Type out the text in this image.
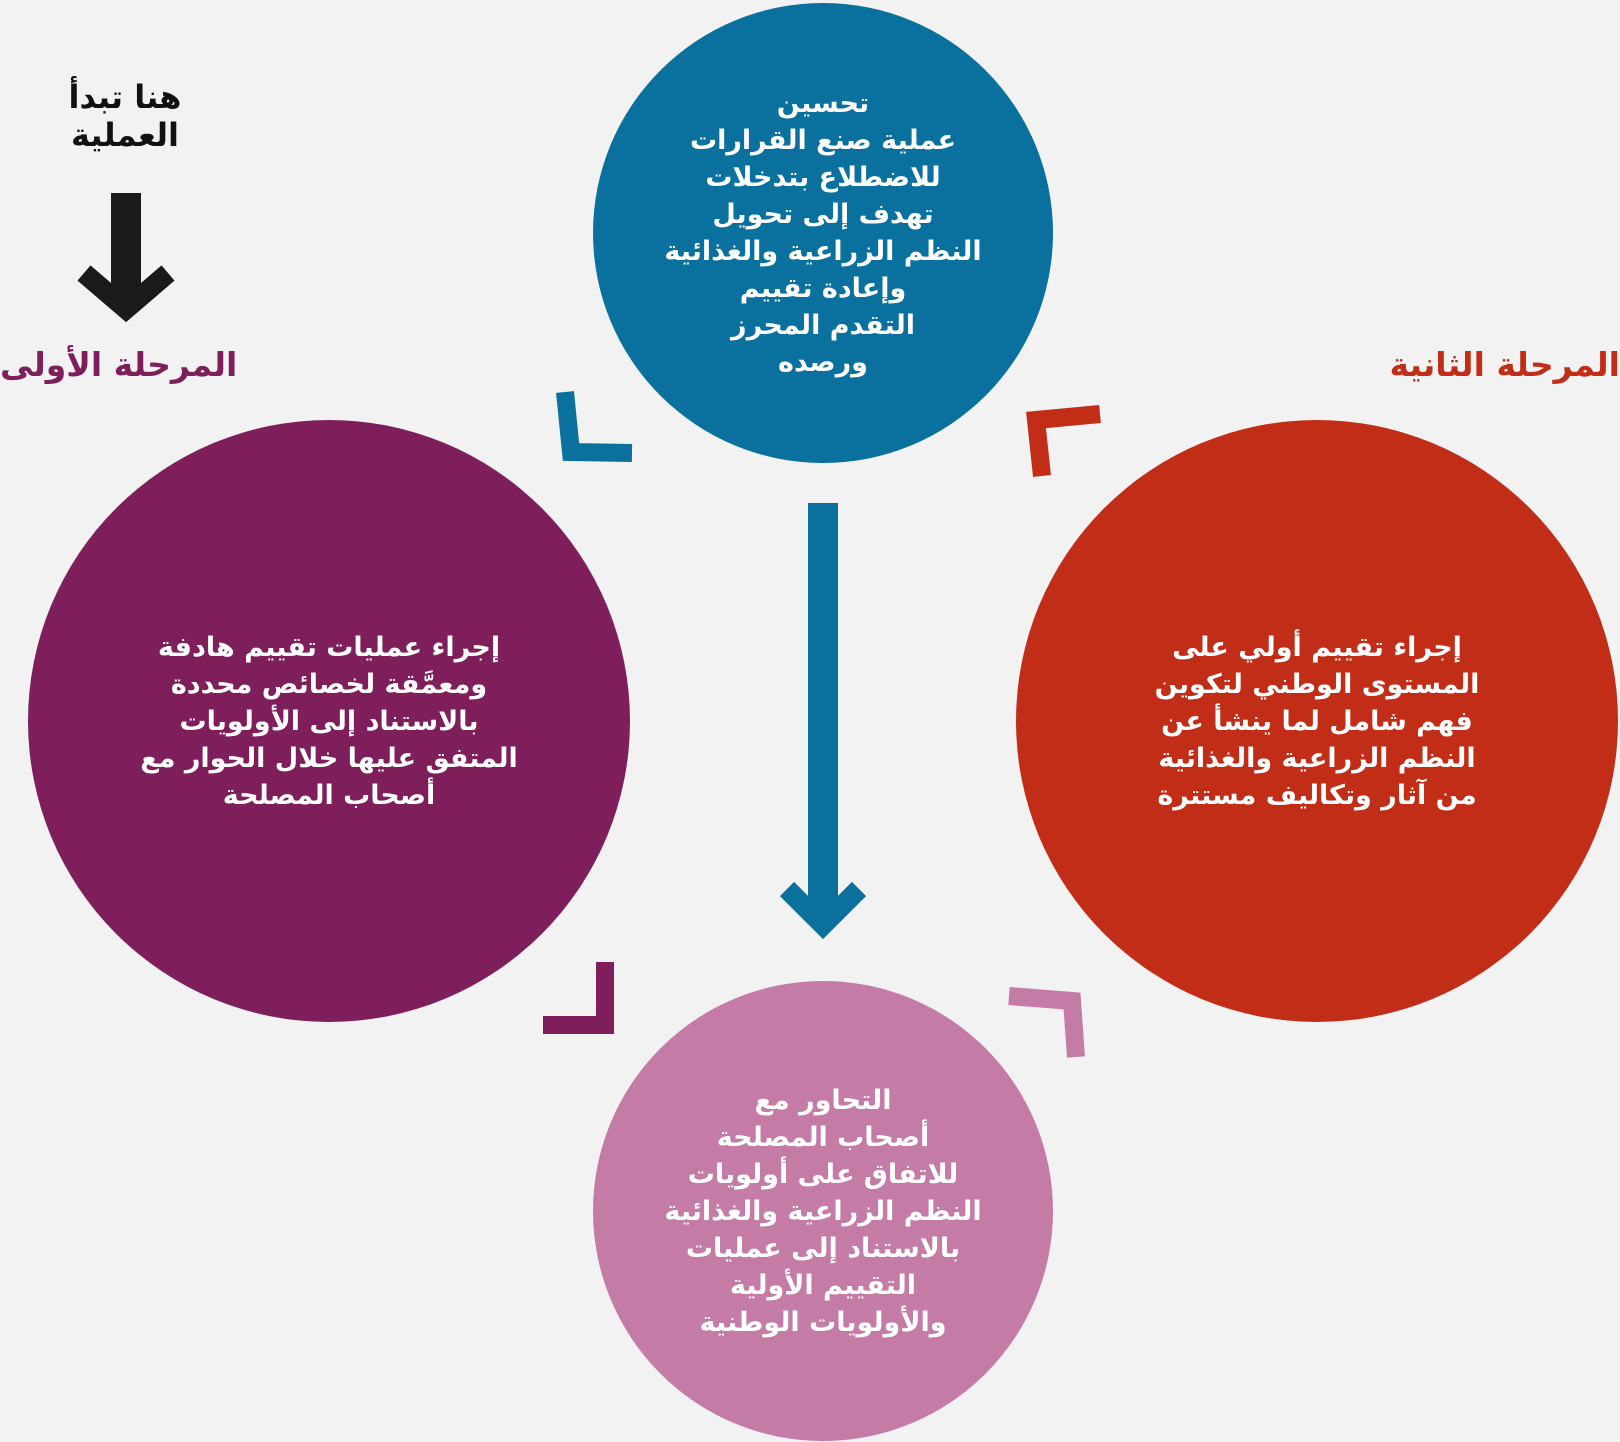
هنا تبدأ
العملية
المرحلة الأولى	المرحلة الثانية
تحسين
عملية صنع القرارات
للاضطلاع بتدخلات
تهدف إلى تحويل
النظم الزراعية والغذائية
وإعادة تقييم
التقدم المحرز
ورصده
إجراء عمليات تقييم هادفة
ومعمَّقة لخصائص محددة
بالاستناد إلى الأولويات
المتفق عليها خلال الحوار مع
أصحاب المصلحة
إجراء تقييم أولي على
المستوى الوطني لتكوين
فهم شامل لما ينشأ عن
النظم الزراعية والغذائية
من آثار وتكاليف مستترة
التحاور مع
أصحاب المصلحة
للاتفاق على أولويات
النظم الزراعية والغذائية
بالاستناد إلى عمليات
التقييم الأولية
والأولويات الوطنية
